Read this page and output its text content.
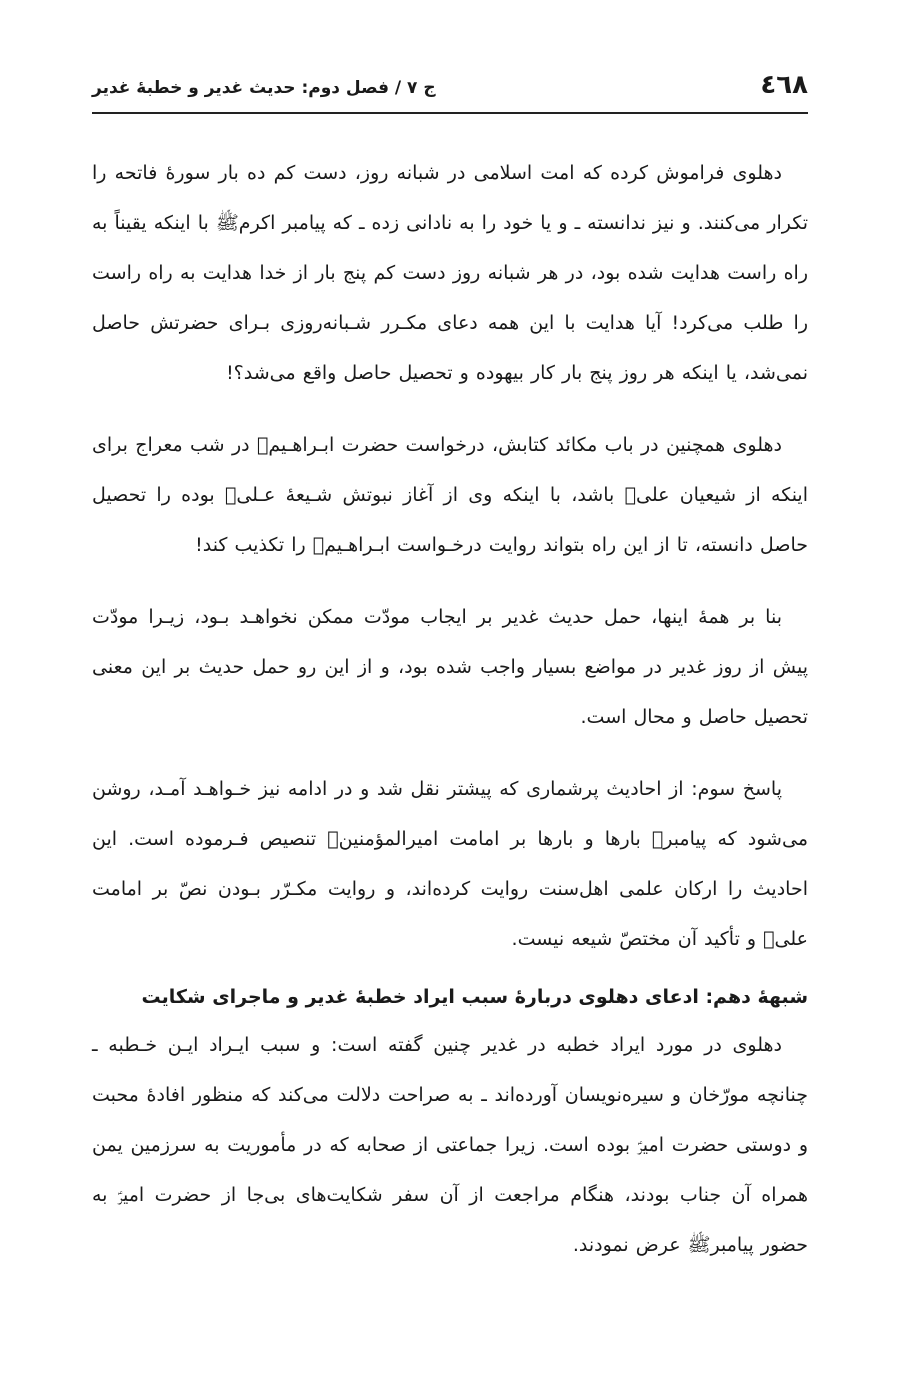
٤٦٨
ج ۷ / فصل دوم: حدیث غدیر و خطبهٔ غدیر

دهلوی فراموش کرده که امت اسلامی در شبانه روز، دست کم ده بار سورهٔ فاتحه را تکرار می‌کنند. و نیز ندانسته ـ و یا خود را به نادانی زده ـ که پیامبر اکرمﷺ با اینکه یقیناً به راه راست هدایت شده بود، در هر شبانه روز دست کم پنج بار از خدا هدایت به راه راست را طلب می‌کرد! آیا هدایت با این همه دعای مکـرر شـبانه‌روزی بـرای حضرتش حاصل نمی‌شد، یا اینکه هر روز پنج بار کار بیهوده و تحصیل حاصل واقع می‌شد؟!

دهلوی همچنین در باب مکائد کتابش، درخواست حضرت ابـراهـیمؑ در شب معراج برای اینکه از شیعیان علیؑ باشد، با اینکه وی از آغاز نبوتش شـیعهٔ عـلیؑ بوده را تحصیل حاصل دانسته، تا از این راه بتواند روایت درخـواست ابـراهـیمؑ را تکذیب کند!

بنا بر همهٔ اینها، حمل حدیث غدیر بر ایجاب مودّت ممکن نخواهـد بـود، زیـرا مودّت پیش از روز غدیر در مواضع بسیار واجب شده بود، و از این رو حمل حدیث بر این معنی تحصیل حاصل و محال است.

پاسخ سوم: از احادیث پرشماری که پیشتر نقل شد و در ادامه نیز خـواهـد آمـد، روشن می‌شود که پیامبرﷺ بارها و بارها بر امامت امیرالمؤمنینؑ تنصیص فـرموده است. این احادیث را ارکان علمی اهل‌سنت روایت کرده‌اند، و روایت مکـرّر بـودن نصّ بر امامت علیؑ و تأکید آن مختصّ شیعه نیست.

شبههٔ دهم: ادعای دهلوی دربارهٔ سبب ایراد خطبهٔ غدیر و ماجرای شکایت

دهلوی در مورد ایراد خطبه در غدیر چنین گفته است: و سبب ایـراد ایـن خـطبه ـ چنانچه مورّخان و سیره‌نویسان آورده‌اند ـ به صراحت دلالت می‌کند که منظور افادهٔ محبت و دوستی حضرت امیرؑ بوده است. زیرا جماعتی از صحابه که در مأموریت به سرزمین یمن همراه آن جناب بودند، هنگام مراجعت از آن سفر شکایت‌های بی‌جا از حضرت امیرؑ به حضور پیامبرﷺ عرض نمودند.
